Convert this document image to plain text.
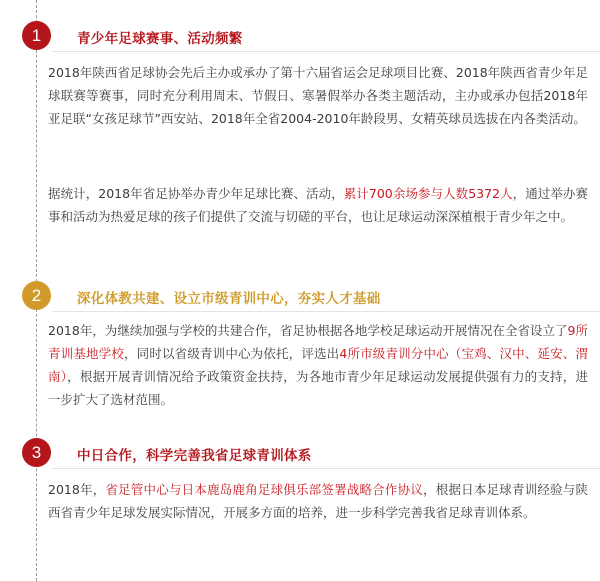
1	青少年足球赛事、活动频繁
2018年陕西省足球协会先后主办或承办了第十六届省运会足球项目比赛、2018年陕西省青少年足球联赛等赛事，同时充分利用周末、节假日、寒暑假举办各类主题活动，主办或承办包括2018年亚足联“女孩足球节”西安站、2018年全省2004-2010年龄段男、女精英球员选拔在内各类活动。
据统计，2018年省足协举办青少年足球比赛、活动，累计700余场参与人数5372人，通过举办赛事和活动为热爱足球的孩子们提供了交流与切磋的平台，也让足球运动深深植根于青少年之中。
2	深化体教共建、设立市级青训中心，夯实人才基础
2018年，为继续加强与学校的共建合作，省足协根据各地学校足球运动开展情况在全省设立了9所青训基地学校，同时以省级青训中心为依托，评选出4所市级青训分中心（宝鸡、汉中、延安、渭南），根据开展青训情况给予政策资金扶持，为各地市青少年足球运动发展提供强有力的支持，进一步扩大了选材范围。
3	中日合作，科学完善我省足球青训体系
2018年，省足管中心与日本鹿岛鹿角足球俱乐部签署战略合作协议，根据日本足球青训经验与陕西省青少年足球发展实际情况，开展多方面的培养，进一步科学完善我省足球青训体系。
